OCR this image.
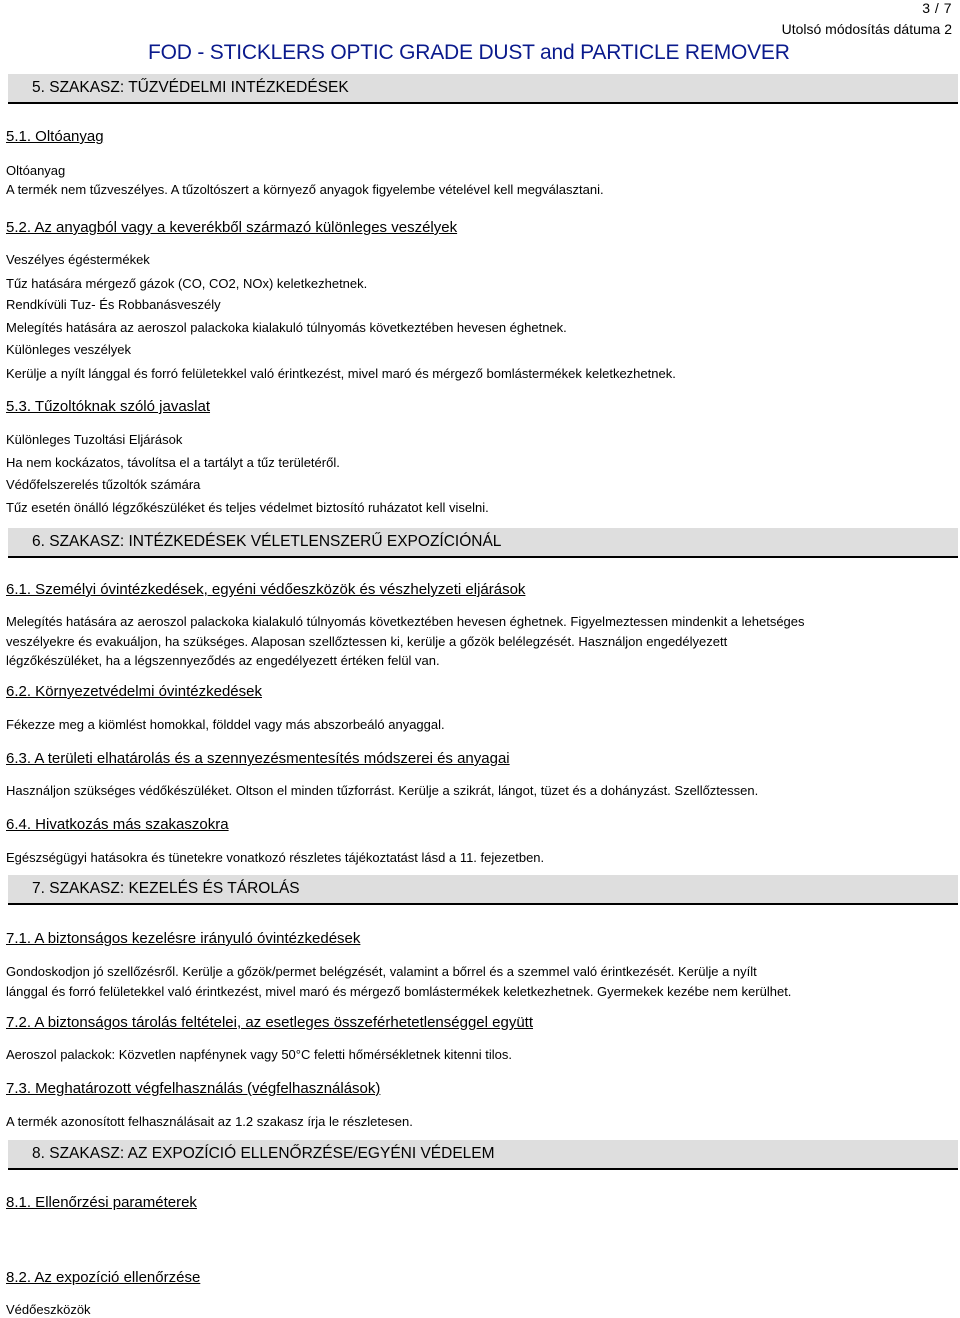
3 / 7
Utolsó módosítás dátuma 2
FOD - STICKLERS OPTIC GRADE DUST and PARTICLE REMOVER
5. SZAKASZ: TŰZVÉDELMI INTÉZKEDÉSEK
5.1. Oltóanyag
Oltóanyag
A termék nem tűzveszélyes. A tűzoltószert a környező anyagok figyelembe vételével kell megválasztani.
5.2. Az anyagból vagy a keverékből származó különleges veszélyek
Veszélyes égéstermékek
Tűz hatására mérgező gázok (CO, CO2, NOx) keletkezhetnek.
Rendkívüli Tuz- És Robbanásveszély
Melegítés hatására az aeroszol palackoka kialakuló túlnyomás következtében hevesen éghetnek.
Különleges veszélyek
Kerülje a nyílt lánggal és forró felületekkel való érintkezést, mivel maró és mérgező bomlástermékek keletkezhetnek.
5.3. Tűzoltóknak szóló javaslat
Különleges Tuzoltási Eljárások
Ha nem kockázatos, távolítsa el a tartályt a tűz területéről.
Védőfelszerelés tűzoltók számára
Tűz esetén önálló légzőkészüléket és teljes védelmet biztosító ruházatot kell viselni.
6. SZAKASZ: INTÉZKEDÉSEK VÉLETLENSZERŰ EXPOZÍCIÓNÁL
6.1. Személyi óvintézkedések, egyéni védőeszközök és vészhelyzeti eljárások
Melegítés hatására az aeroszol palackoka kialakuló túlnyomás következtében hevesen éghetnek. Figyelmeztessen mindenkit a lehetséges
veszélyekre és evakuáljon, ha szükséges. Alaposan szellőztessen ki, kerülje a gőzök belélegzését. Használjon engedélyezett
légzőkészüléket, ha a légszennyeződés az engedélyezett értéken felül van.
6.2. Környezetvédelmi óvintézkedések
Fékezze meg a kiömlést homokkal, földdel vagy más abszorbeáló anyaggal.
6.3. A területi elhatárolás és a szennyezésmentesítés módszerei és anyagai
Használjon szükséges védőkészüléket. Oltson el minden tűzforrást. Kerülje a szikrát, lángot, tüzet és a dohányzást. Szellőztessen.
6.4. Hivatkozás más szakaszokra
Egészségügyi hatásokra és tünetekre vonatkozó részletes tájékoztatást lásd a 11. fejezetben.
7. SZAKASZ: KEZELÉS ÉS TÁROLÁS
7.1. A biztonságos kezelésre irányuló óvintézkedések
Gondoskodjon jó szellőzésről. Kerülje a gőzök/permet belégzését, valamint a bőrrel és a szemmel való érintkezését. Kerülje a nyílt
lánggal és forró felületekkel való érintkezést, mivel maró és mérgező bomlástermékek keletkezhetnek. Gyermekek kezébe nem kerülhet.
7.2. A biztonságos tárolás feltételei, az esetleges összeférhetetlenséggel együtt
Aeroszol palackok: Közvetlen napfénynek vagy 50°C feletti hőmérsékletnek kitenni tilos.
7.3. Meghatározott végfelhasználás (végfelhasználások)
A termék azonosított felhasználásait az 1.2 szakasz írja le részletesen.
8. SZAKASZ: AZ EXPOZÍCIÓ ELLENŐRZÉSE/EGYÉNI VÉDELEM
8.1. Ellenőrzési paraméterek
8.2. Az expozíció ellenőrzése
Védőeszközök
